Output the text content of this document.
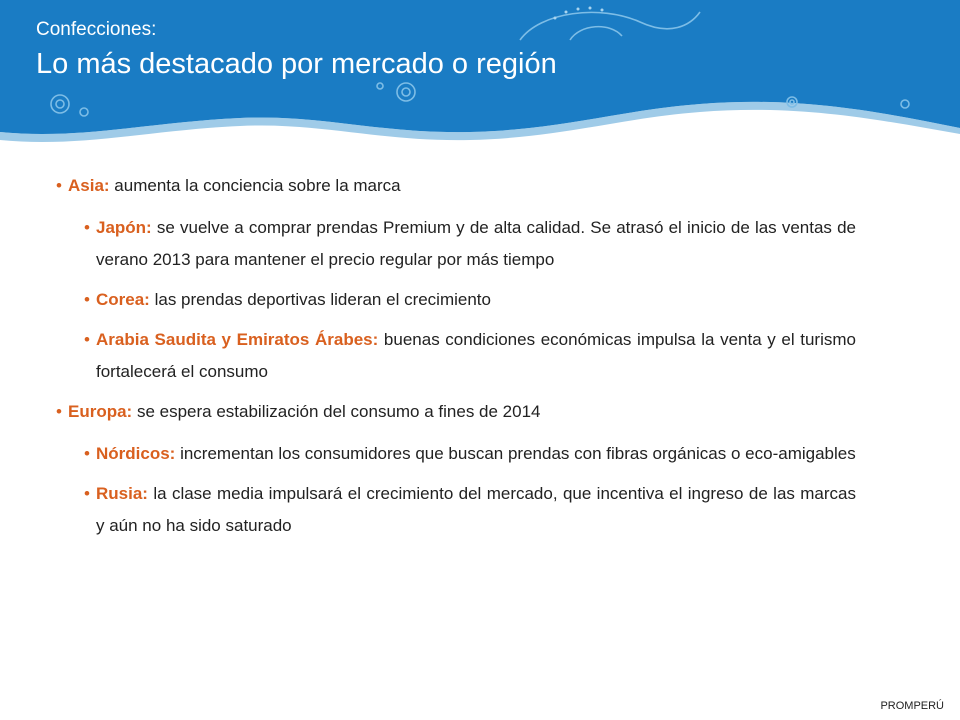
Confecciones:
Lo más destacado por mercado o región
• Asia: aumenta la conciencia sobre la marca
• Japón: se vuelve a comprar prendas Premium y de alta calidad. Se atrasó el inicio de las ventas de verano 2013 para mantener el precio regular por más tiempo
• Corea: las prendas deportivas lideran el crecimiento
• Arabia Saudita y Emiratos Árabes: buenas condiciones económicas impulsa la venta y el turismo fortalecerá el consumo
• Europa: se espera estabilización del consumo a fines de 2014
• Nórdicos: incrementan los consumidores que buscan prendas con fibras orgánicas o eco-amigables
• Rusia: la clase media impulsará el crecimiento del mercado, que incentiva el ingreso de las marcas y aún no ha sido saturado
PROMPERÚ
